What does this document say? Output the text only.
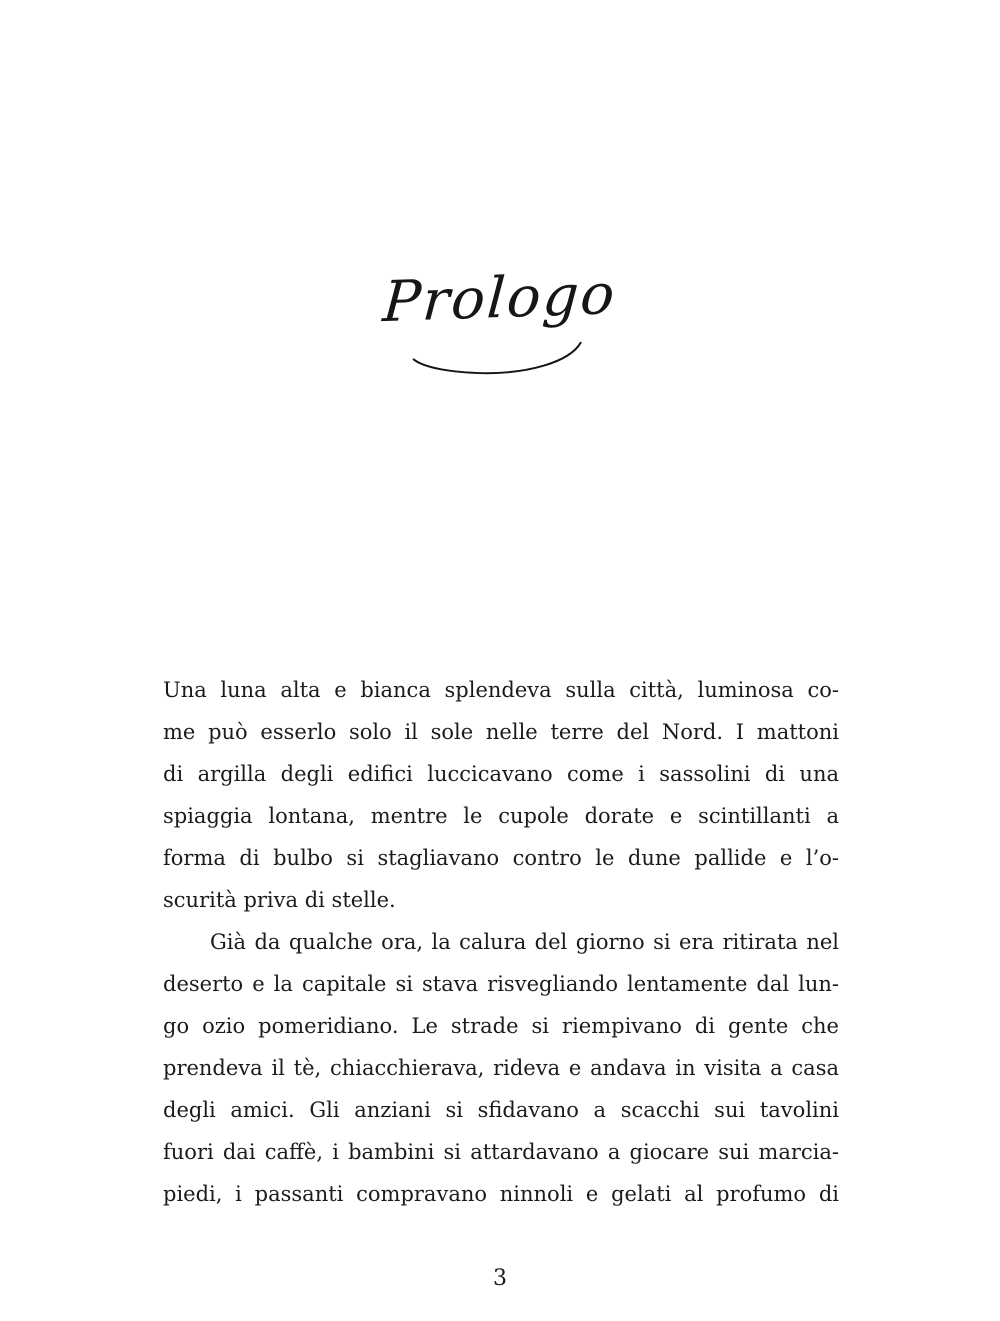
Prologo
Una luna alta e bianca splendeva sulla città, luminosa co-
me può esserlo solo il sole nelle terre del Nord. I mattoni
di argilla degli edifici luccicavano come i sassolini di una
spiaggia lontana, mentre le cupole dorate e scintillanti a
forma di bulbo si stagliavano contro le dune pallide e l’o-
scurità priva di stelle.
Già da qualche ora, la calura del giorno si era ritirata nel
deserto e la capitale si stava risvegliando lentamente dal lun-
go ozio pomeridiano. Le strade si riempivano di gente che
prendeva il tè, chiacchierava, rideva e andava in visita a casa
degli amici. Gli anziani si sfidavano a scacchi sui tavolini
fuori dai caffè, i bambini si attardavano a giocare sui marcia-
piedi, i passanti compravano ninnoli e gelati al profumo di
3
